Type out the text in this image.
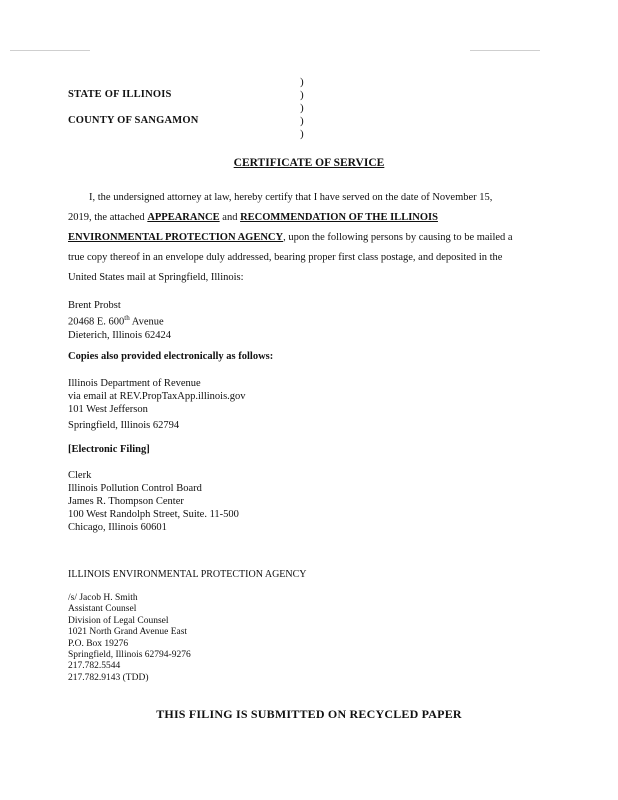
STATE OF ILLINOIS
COUNTY OF SANGAMON
)
)
)
)
)
CERTIFICATE OF SERVICE
I, the undersigned attorney at law, hereby certify that I have served on the date of November 15,
2019, the attached APPEARANCE and RECOMMENDATION OF THE ILLINOIS
ENVIRONMENTAL PROTECTION AGENCY, upon the following persons by causing to be mailed a
true copy thereof in an envelope duly addressed, bearing proper first class postage, and deposited in the
United States mail at Springfield, Illinois:
Brent Probst
20468 E. 600th Avenue
Dieterich, Illinois 62424
Copies also provided electronically as follows:
Illinois Department of Revenue
via email at REV.PropTaxApp.illinois.gov
101 West Jefferson
Springfield, Illinois 62794
[Electronic Filing]
Clerk
Illinois Pollution Control Board
James R. Thompson Center
100 West Randolph Street, Suite. 11-500
Chicago, Illinois 60601
ILLINOIS ENVIRONMENTAL PROTECTION AGENCY
/s/ Jacob H. Smith
Assistant Counsel
Division of Legal Counsel
1021 North Grand Avenue East
P.O. Box 19276
Springfield, Illinois 62794-9276
217.782.5544
217.782.9143 (TDD)
THIS FILING IS SUBMITTED ON RECYCLED PAPER
